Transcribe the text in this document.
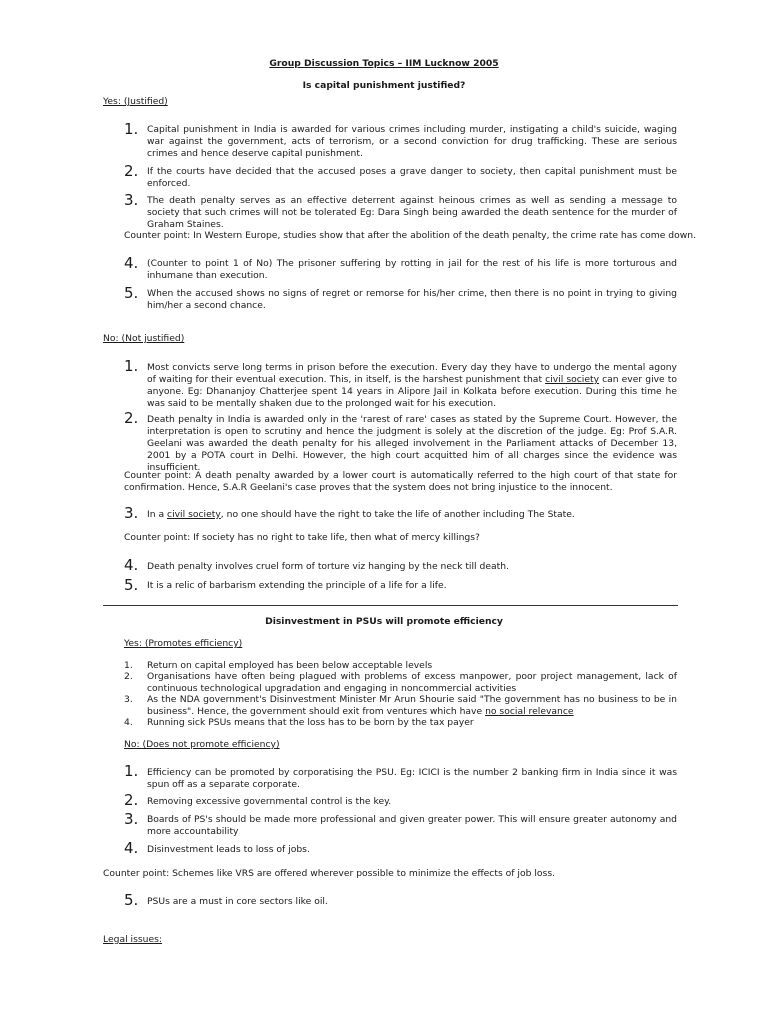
Group Discussion Topics – IIM Lucknow 2005
Is capital punishment justified?
Yes: (Justified)
1. Capital punishment in India is awarded for various crimes including murder, instigating a child's suicide, waging war against the government, acts of terrorism, or a second conviction for drug trafficking. These are serious crimes and hence deserve capital punishment.
2. If the courts have decided that the accused poses a grave danger to society, then capital punishment must be enforced.
3. The death penalty serves as an effective deterrent against heinous crimes as well as sending a message to society that such crimes will not be tolerated Eg: Dara Singh being awarded the death sentence for the murder of Graham Staines.
Counter point: In Western Europe, studies show that after the abolition of the death penalty, the crime rate has come down.
4. (Counter to point 1 of No) The prisoner suffering by rotting in jail for the rest of his life is more torturous and inhumane than execution.
5. When the accused shows no signs of regret or remorse for his/her crime, then there is no point in trying to giving him/her a second chance.
No: (Not justified)
1. Most convicts serve long terms in prison before the execution. Every day they have to undergo the mental agony of waiting for their eventual execution. This, in itself, is the harshest punishment that civil society can ever give to anyone. Eg: Dhananjoy Chatterjee spent 14 years in Alipore Jail in Kolkata before execution. During this time he was said to be mentally shaken due to the prolonged wait for his execution.
2. Death penalty in India is awarded only in the 'rarest of rare' cases as stated by the Supreme Court. However, the interpretation is open to scrutiny and hence the judgment is solely at the discretion of the judge. Eg: Prof S.A.R. Geelani was awarded the death penalty for his alleged involvement in the Parliament attacks of December 13, 2001 by a POTA court in Delhi. However, the high court acquitted him of all charges since the evidence was insufficient.
Counter point: A death penalty awarded by a lower court is automatically referred to the high court of that state for confirmation. Hence, S.A.R Geelani's case proves that the system does not bring injustice to the innocent.
3. In a civil society, no one should have the right to take the life of another including The State.
Counter point: If society has no right to take life, then what of mercy killings?
4. Death penalty involves cruel form of torture viz hanging by the neck till death.
5. It is a relic of barbarism extending the principle of a life for a life.
Disinvestment in PSUs will promote efficiency
Yes: (Promotes efficiency)
1. Return on capital employed has been below acceptable levels
2. Organisations have often being plagued with problems of excess manpower, poor project management, lack of continuous technological upgradation and engaging in noncommercial activities
3. As the NDA government's Disinvestment Minister Mr Arun Shourie said "The government has no business to be in business". Hence, the government should exit from ventures which have no social relevance
4. Running sick PSUs means that the loss has to be born by the tax payer
No: (Does not promote efficiency)
1. Efficiency can be promoted by corporatising the PSU. Eg: ICICI is the number 2 banking firm in India since it was spun off as a separate corporate.
2. Removing excessive governmental control is the key.
3. Boards of PS's should be made more professional and given greater power. This will ensure greater autonomy and more accountability
4. Disinvestment leads to loss of jobs.
Counter point: Schemes like VRS are offered wherever possible to minimize the effects of job loss.
5. PSUs are a must in core sectors like oil.
Legal issues:
